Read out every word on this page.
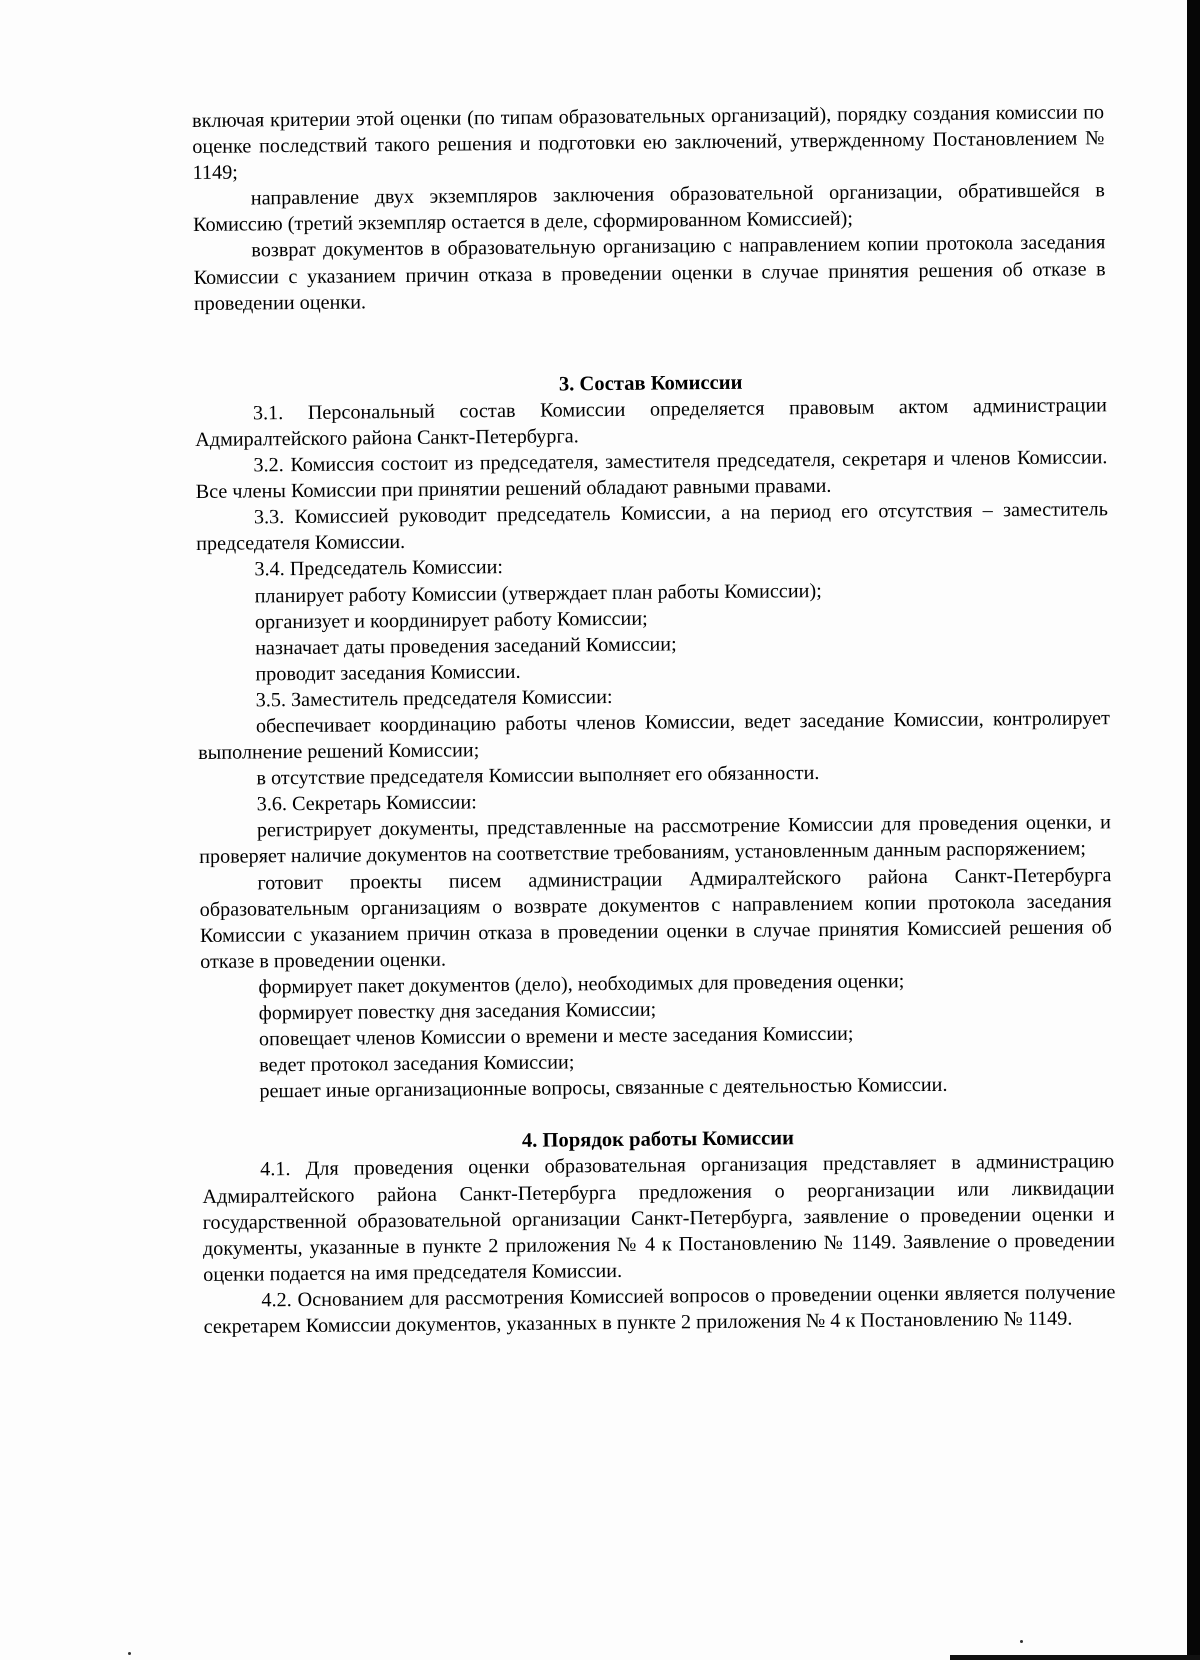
включая критерии этой оценки (по типам образовательных организаций), порядку создания комиссии по оценке последствий такого решения и подготовки ею заключений, утвержденному Постановлением № 1149;

направление двух экземпляров заключения образовательной организации, обратившейся в Комиссию (третий экземпляр остается в деле, сформированном Комиссией);

возврат документов в образовательную организацию с направлением копии протокола заседания Комиссии с указанием причин отказа в проведении оценки в случае принятия решения об отказе в проведении оценки.

3. Состав Комиссии

3.1. Персональный состав Комиссии определяется правовым актом администрации Адмиралтейского района Санкт-Петербурга.

3.2. Комиссия состоит из председателя, заместителя председателя, секретаря и членов Комиссии. Все члены Комиссии при принятии решений обладают равными правами.

3.3. Комиссией руководит председатель Комиссии, а на период его отсутствия – заместитель председателя Комиссии.

3.4. Председатель Комиссии:

планирует работу Комиссии (утверждает план работы Комиссии);

организует и координирует работу Комиссии;

назначает даты проведения заседаний Комиссии;

проводит заседания Комиссии.

3.5. Заместитель председателя Комиссии:

обеспечивает координацию работы членов Комиссии, ведет заседание Комиссии, контролирует выполнение решений Комиссии;

в отсутствие председателя Комиссии выполняет его обязанности.

3.6. Секретарь Комиссии:

регистрирует документы, представленные на рассмотрение Комиссии для проведения оценки, и проверяет наличие документов на соответствие требованиям, установленным данным распоряжением;

готовит проекты писем администрации Адмиралтейского района Санкт-Петербурга образовательным организациям о возврате документов с направлением копии протокола заседания Комиссии с указанием причин отказа в проведении оценки в случае принятия Комиссией решения об отказе в проведении оценки.

формирует пакет документов (дело), необходимых для проведения оценки;

формирует повестку дня заседания Комиссии;

оповещает членов Комиссии о времени и месте заседания Комиссии;

ведет протокол заседания Комиссии;

решает иные организационные вопросы, связанные с деятельностью Комиссии.

4. Порядок работы Комиссии

4.1. Для проведения оценки образовательная организация представляет в администрацию Адмиралтейского района Санкт-Петербурга предложения о реорганизации или ликвидации государственной образовательной организации Санкт-Петербурга, заявление о проведении оценки и документы, указанные в пункте 2 приложения № 4 к Постановлению № 1149. Заявление о проведении оценки подается на имя председателя Комиссии.

4.2. Основанием для рассмотрения Комиссией вопросов о проведении оценки является получение секретарем Комиссии документов, указанных в пункте 2 приложения № 4 к Постановлению № 1149.
